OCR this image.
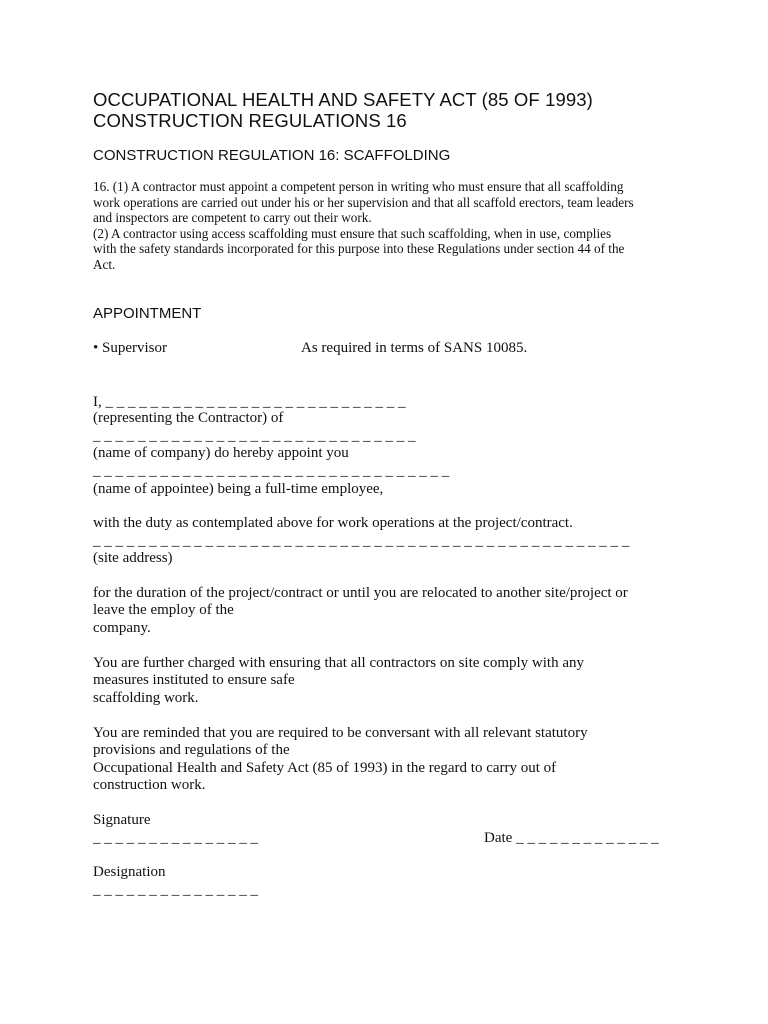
OCCUPATIONAL HEALTH AND SAFETY ACT (85 OF 1993)
CONSTRUCTION REGULATIONS 16
CONSTRUCTION REGULATION 16: SCAFFOLDING
16. (1) A contractor must appoint a competent person in writing who must ensure that all scaffolding
work operations are carried out under his or her supervision and that all scaffold erectors, team leaders
and inspectors are competent to carry out their work.
(2) A contractor using access scaffolding must ensure that such scaffolding, when in use, complies
with the safety standards incorporated for this purpose into these Regulations under section 44 of the
Act.
APPOINTMENT
• Supervisor	As required in terms of SANS 10085.
I, _ _ _ _ _ _ _ _ _ _ _ _ _ _ _ _ _ _ _ _ _ _ _ _ _ _ _
(representing the Contractor) of
_ _ _ _ _ _ _ _ _ _ _ _ _ _ _ _ _ _ _ _ _ _ _ _ _ _ _ _ _
(name of company) do hereby appoint you
_ _ _ _ _ _ _ _ _ _ _ _ _ _ _ _ _ _ _ _ _ _ _ _ _ _ _ _ _ _ _ _
(name of appointee) being a full-time employee,
with the duty as contemplated above for work operations at the project/contract.
_ _ _ _ _ _ _ _ _ _ _ _ _ _ _ _ _ _ _ _ _ _ _ _ _ _ _ _ _ _ _ _ _ _ _ _ _ _ _ _ _ _ _ _ _ _ _ _
(site address)
for the duration of the project/contract or until you are relocated to another site/project or
leave the employ of the
company.
You are further charged with ensuring that all contractors on site comply with any
measures instituted to ensure safe
scaffolding work.
You are reminded that you are required to be conversant with all relevant statutory
provisions and regulations of the
Occupational Health and Safety Act (85 of 1993) in the regard to carry out of
construction work.
Signature
_ _ _ _ _ _ _ _ _ _ _ _ _ _ _	Date _ _ _ _ _ _ _ _ _ _ _ _ _
Designation
_ _ _ _ _ _ _ _ _ _ _ _ _ _ _
